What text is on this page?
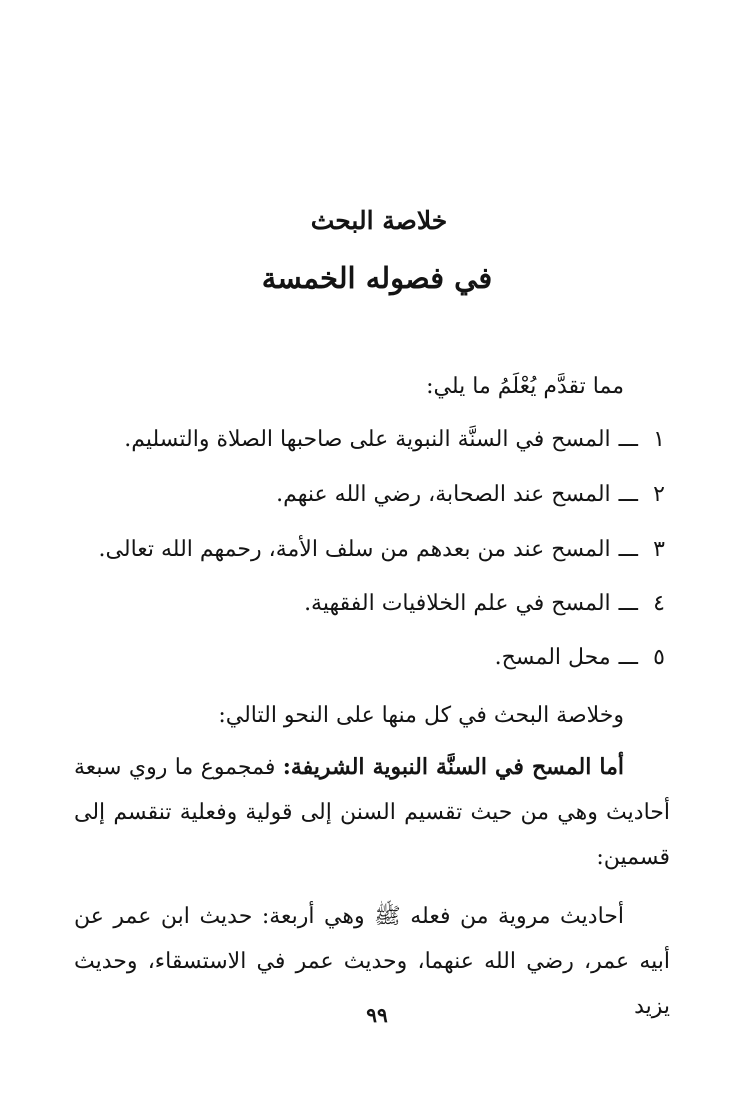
خلاصة البحث
في فصوله الخمسة
مما تقدَّم يُعْلَمُ ما يلي:
١ـــالمسح في السنَّة النبوية على صاحبها الصلاة والتسليم.
٢ـــالمسح عند الصحابة، رضي الله عنهم.
٣ـــالمسح عند من بعدهم من سلف الأمة، رحمهم الله تعالى.
٤ـــالمسح في علم الخلافيات الفقهية.
٥ـــمحل المسح.
وخلاصة البحث في كل منها على النحو التالي:

أما المسح في السنَّة النبوية الشريفة: فمجموع ما روي سبعة أحاديث وهي من حيث تقسيم السنن إلى قولية وفعلية تنقسم إلى قسمين:

أحاديث مروية من فعله ﷺ وهي أربعة: حديث ابن عمر عن أبيه عمر، رضي الله عنهما، وحديث عمر في الاستسقاء، وحديث يزيد

٩٩
